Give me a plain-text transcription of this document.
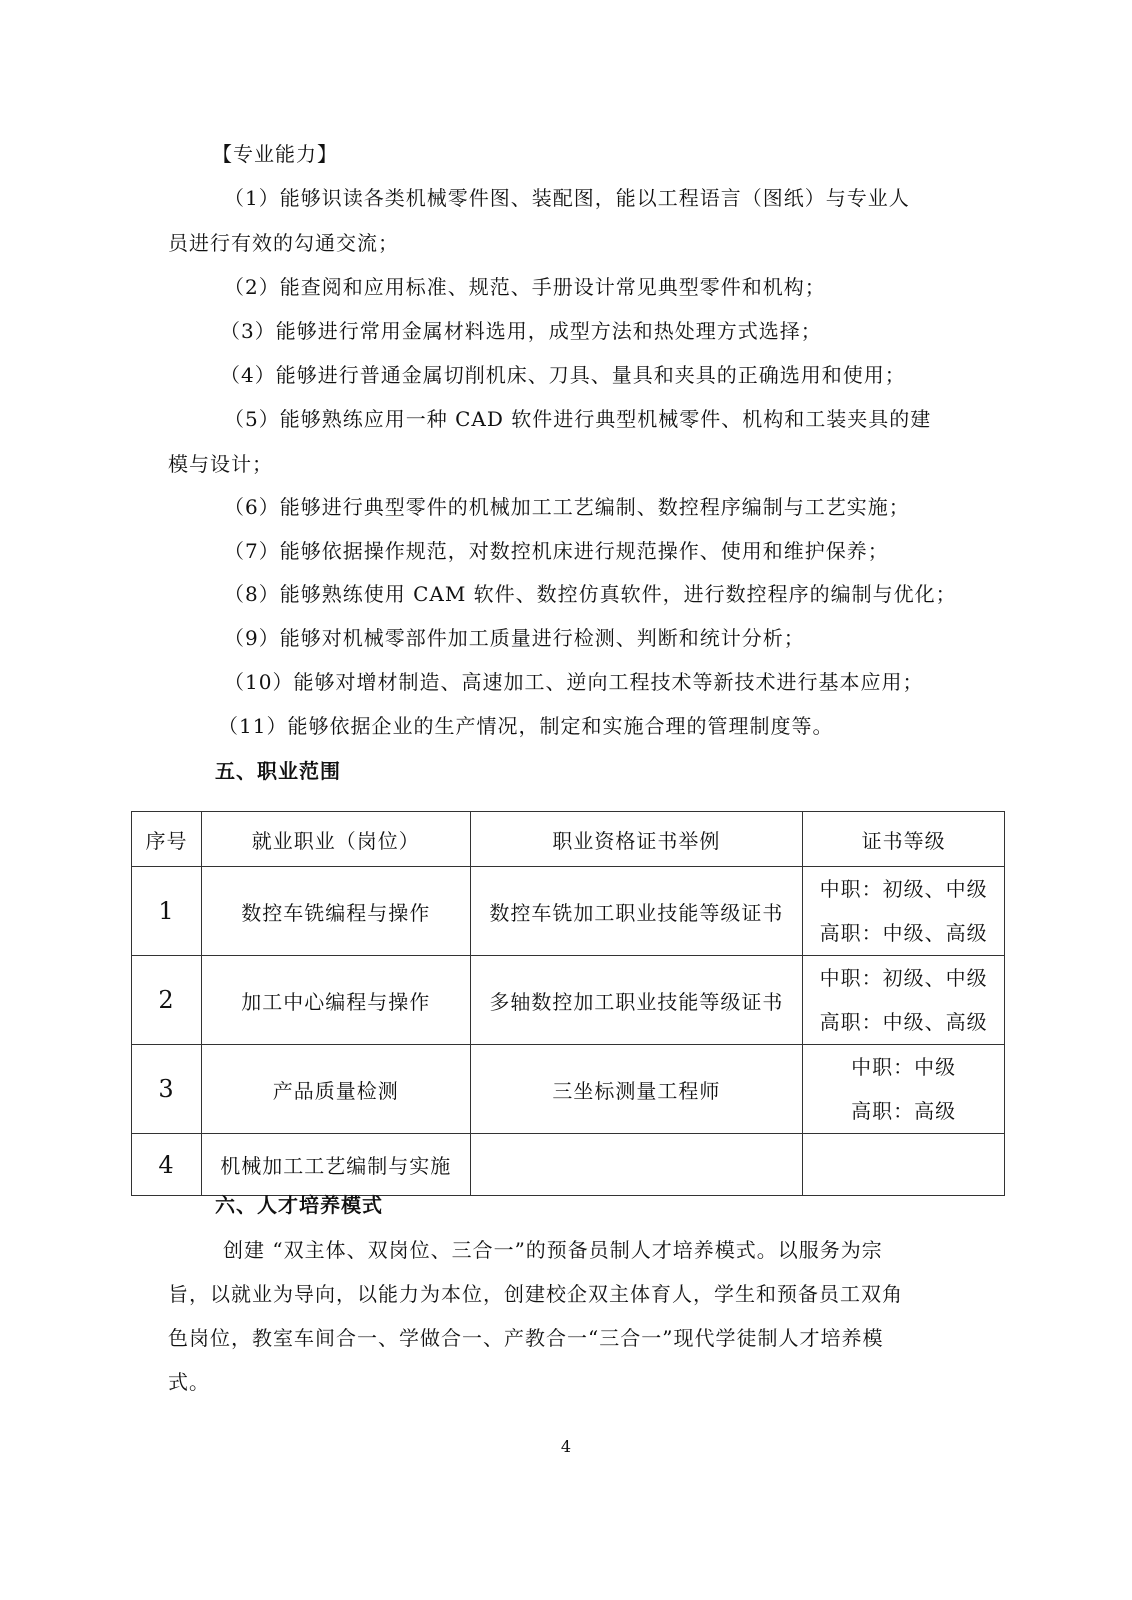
【专业能力】
（1）能够识读各类机械零件图、装配图，能以工程语言（图纸）与专业人
员进行有效的勾通交流；
（2）能查阅和应用标准、规范、手册设计常见典型零件和机构；
（3）能够进行常用金属材料选用，成型方法和热处理方式选择；
（4）能够进行普通金属切削机床、刀具、量具和夹具的正确选用和使用；
（5）能够熟练应用一种 CAD 软件进行典型机械零件、机构和工装夹具的建
模与设计；
（6）能够进行典型零件的机械加工工艺编制、数控程序编制与工艺实施；
（7）能够依据操作规范，对数控机床进行规范操作、使用和维护保养；
（8）能够熟练使用 CAM 软件、数控仿真软件，进行数控程序的编制与优化；
（9）能够对机械零部件加工质量进行检测、判断和统计分析；
（10）能够对增材制造、高速加工、逆向工程技术等新技术进行基本应用；
（11）能够依据企业的生产情况，制定和实施合理的管理制度等。
五、职业范围
序号	就业职业（岗位）	职业资格证书举例	证书等级
1	数控车铣编程与操作	数控车铣加工职业技能等级证书	中职：初级、中级
高职：中级、高级

2	加工中心编程与操作	多轴数控加工职业技能等级证书	中职：初级、中级
高职：中级、高级

3	产品质量检测	三坐标测量工程师	中职：中级
高职：高级

4	机械加工工艺编制与实施		
六、人才培养模式
创建 “双主体、双岗位、三合一”的预备员制人才培养模式。以服务为宗
旨，以就业为导向，以能力为本位，创建校企双主体育人，学生和预备员工双角
色岗位，教室车间合一、学做合一、产教合一“三合一”现代学徒制人才培养模
式。
4
